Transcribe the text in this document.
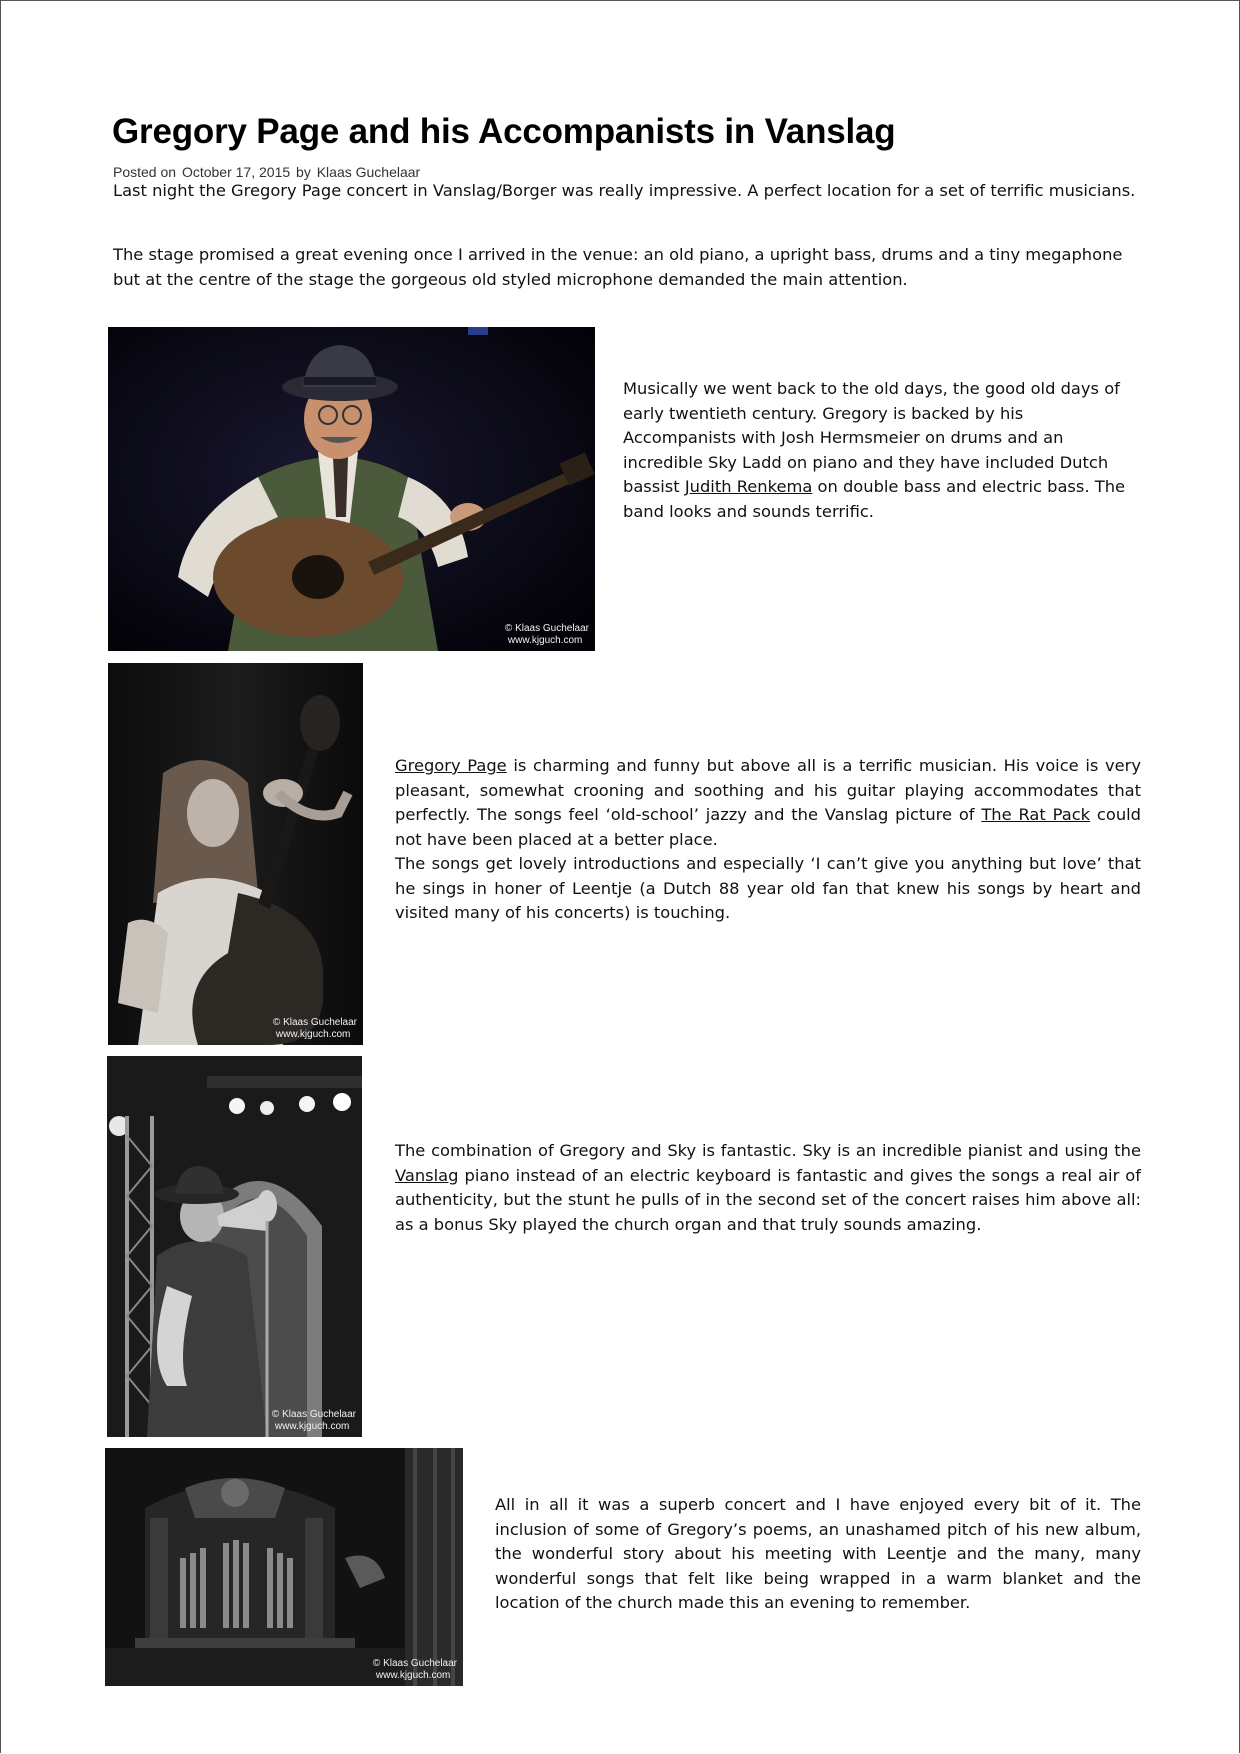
Gregory Page and his Accompanists in Vanslag
Posted on October 17, 2015 by Klaas Guchelaar

Last night the Gregory Page concert in Vanslag/Borger was really impressive. A perfect location for a set of terrific musicians.

The stage promised a great evening once I arrived in the venue: an old piano, a upright bass, drums and a tiny megaphone but at the centre of the stage the gorgeous old styled microphone demanded the main attention.

© Klaas Guchelaar
www.kjguch.com

Musically we went back to the old days, the good old days of early twentieth century. Gregory is backed by his Accompanists with Josh Hermsmeier on drums and an incredible Sky Ladd on piano and they have included Dutch bassist Judith Renkema on double bass and electric bass. The band looks and sounds terrific.

© Klaas Guchelaar
www.kjguch.com
Gregory Page is charming and funny but above all is a terrific musician. His voice is very pleasant, somewhat crooning and soothing and his guitar playing accommodates that perfectly. The songs feel ‘old-school’ jazzy and the Vanslag picture of The Rat Pack could not have been placed at a better place.
The songs get lovely introductions and especially ‘I can’t give you anything but love’ that he sings in honer of Leentje (a Dutch 88 year old fan that knew his songs by heart and visited many of his concerts) is touching.
© Klaas Guchelaar
www.kjguch.com

The combination of Gregory and Sky is fantastic. Sky is an incredible pianist and using the Vanslag piano instead of an electric keyboard is fantastic and gives the songs a real air of authenticity, but the stunt he pulls of in the second set of the concert raises him above all: as a bonus Sky played the church organ and that truly sounds amazing.

© Klaas Guchelaar
www.kjguch.com

All in all it was a superb concert and I have enjoyed every bit of it. The inclusion of some of Gregory’s poems, an unashamed pitch of his new album, the wonderful story about his meeting with Leentje and the many, many wonderful songs that felt like being wrapped in a warm blanket and the location of the church made this an evening to remember.
